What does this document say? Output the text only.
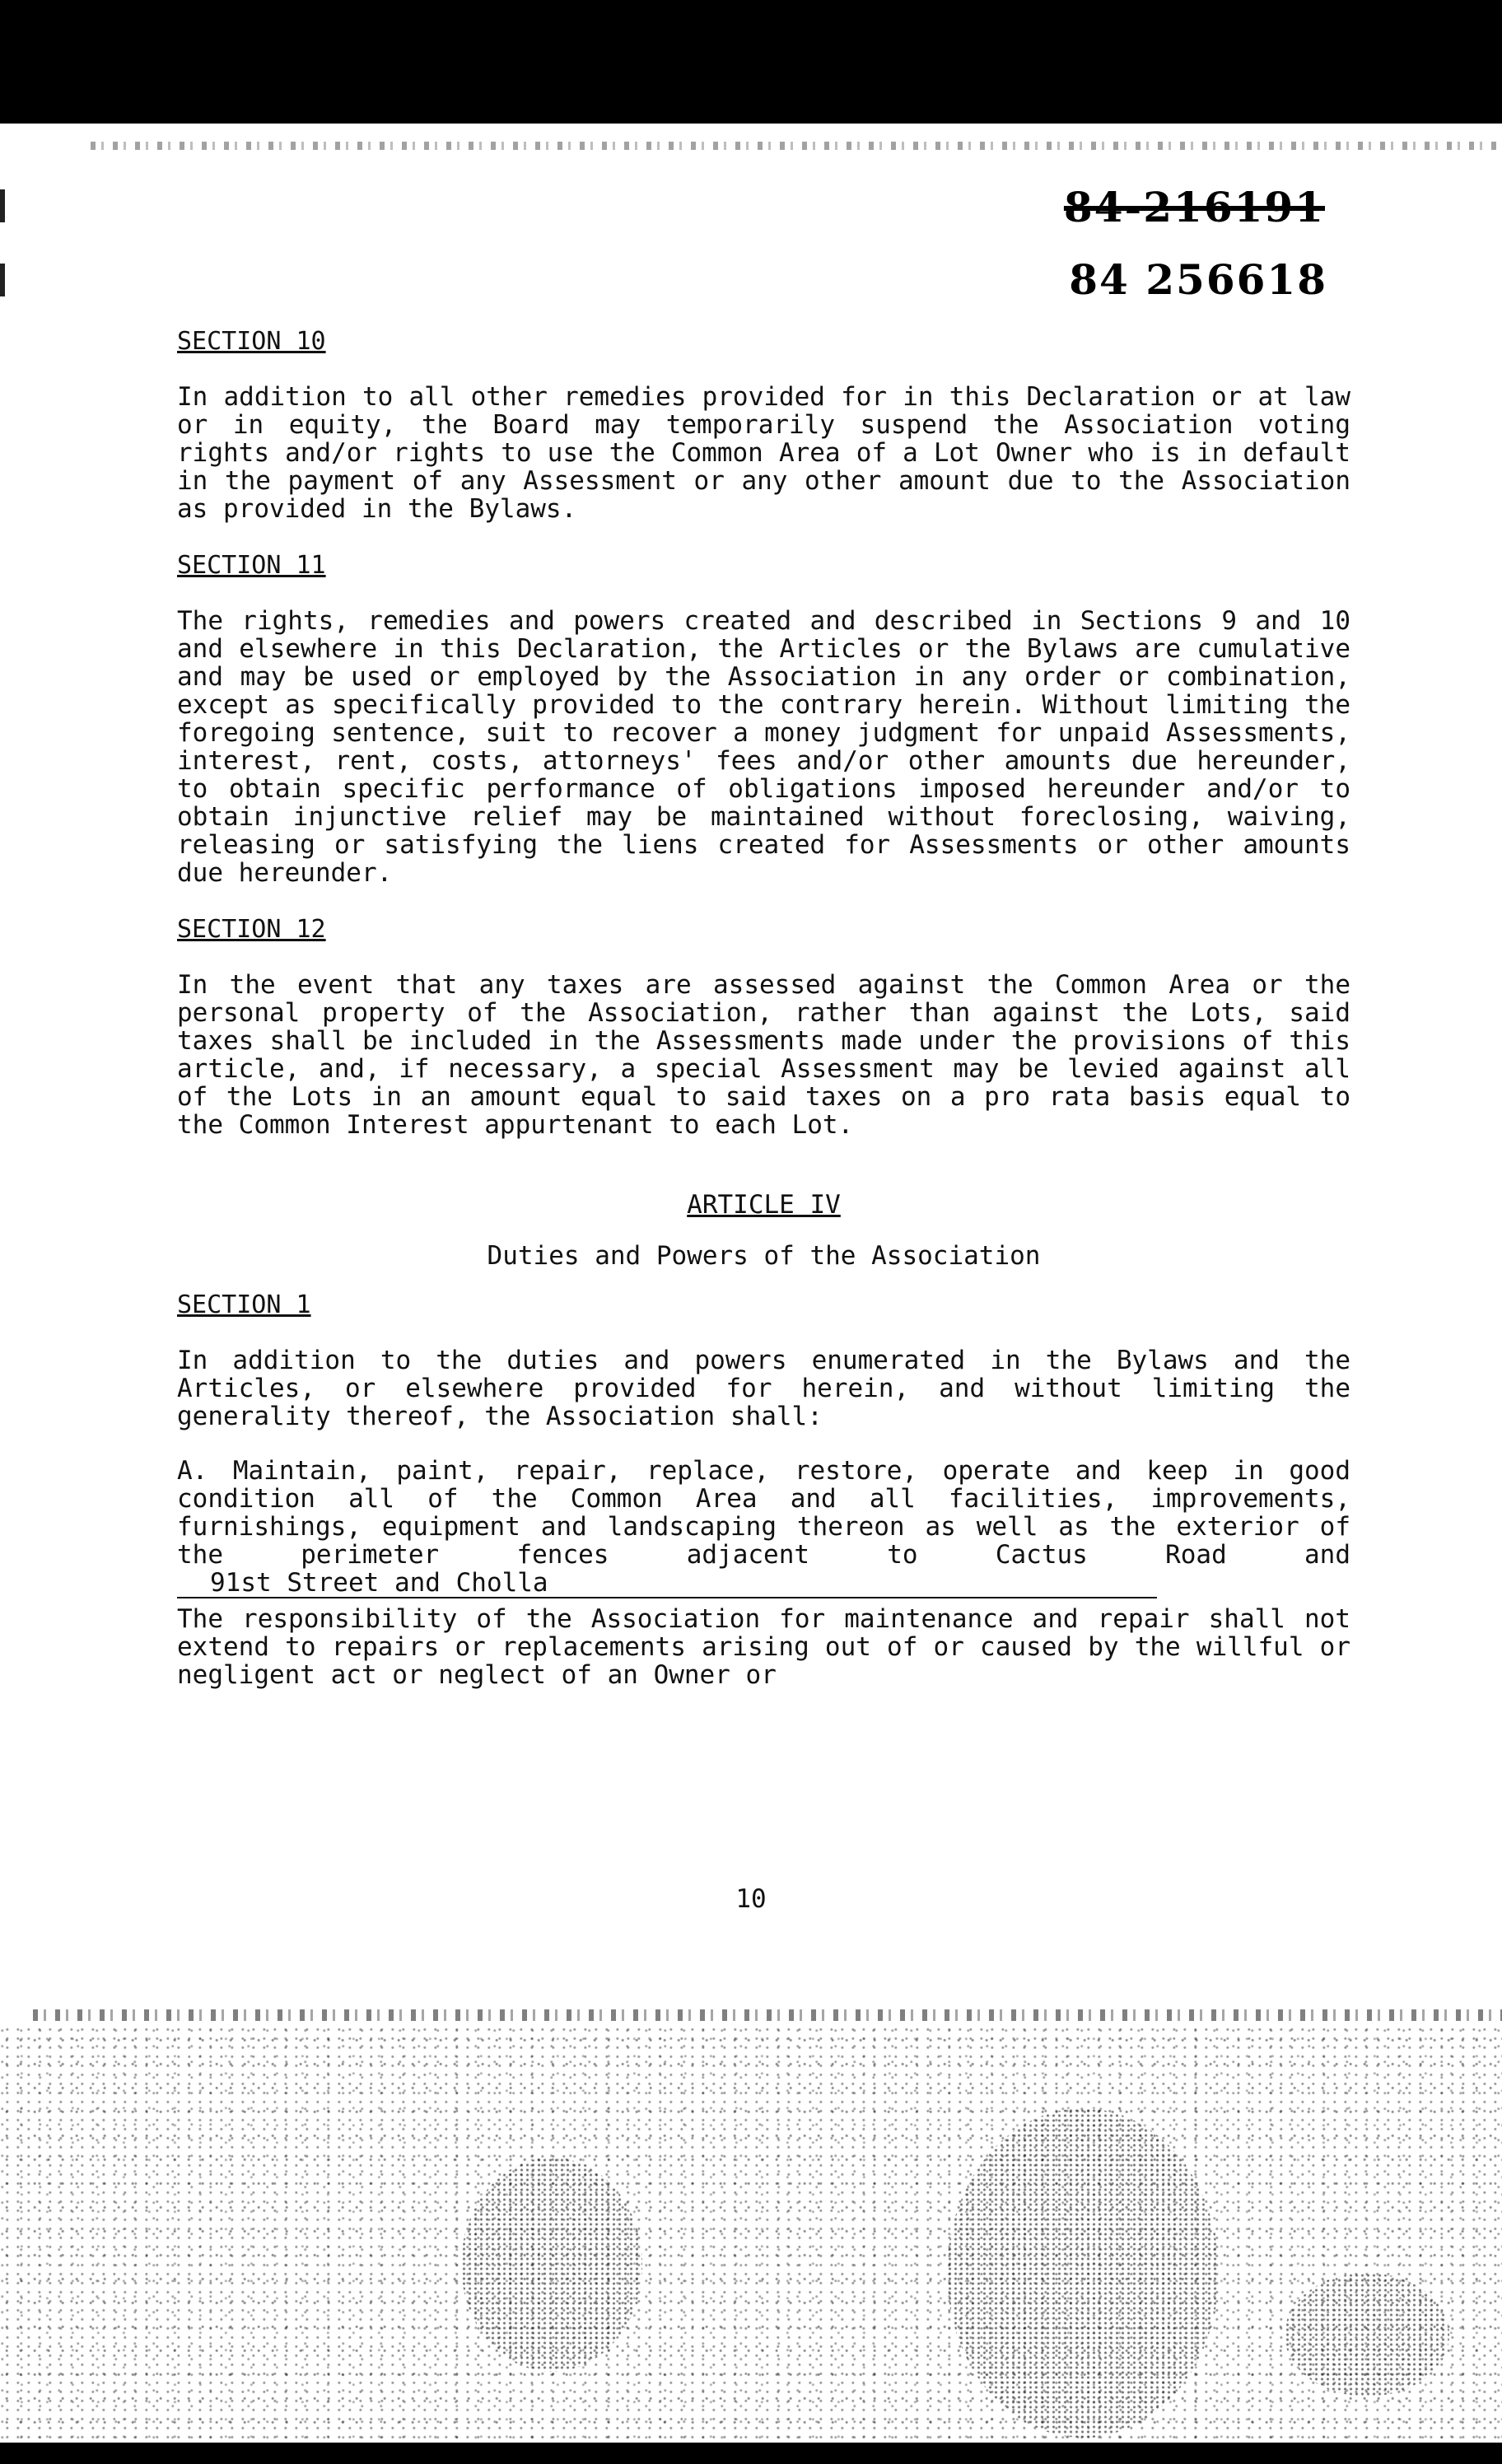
84-216191
84 256618
SECTION 10

In addition to all other remedies provided for in this Declaration or at law or in equity, the Board may temporarily suspend the Association voting rights and/or rights to use the Common Area of a Lot Owner who is in default in the payment of any Assessment or any other amount due to the Association as provided in the Bylaws.

SECTION 11

The rights, remedies and powers created and described in Sections 9 and 10 and elsewhere in this Declaration, the Articles or the Bylaws are cumulative and may be used or employed by the Association in any order or combination, except as specifically provided to the contrary herein. Without limiting the foregoing sentence, suit to recover a money judgment for unpaid Assessments, interest, rent, costs, attorneys' fees and/or other amounts due hereunder, to obtain specific performance of obligations imposed hereunder and/or to obtain injunctive relief may be maintained without foreclosing, waiving, releasing or satisfying the liens created for Assessments or other amounts due hereunder.

SECTION 12

In the event that any taxes are assessed against the Common Area or the personal property of the Association, rather than against the Lots, said taxes shall be included in the Assessments made under the provisions of this article, and, if necessary, a special Assessment may be levied against all of the Lots in an amount equal to said taxes on a pro rata basis equal to the Common Interest appurtenant to each Lot.

ARTICLE IV
Duties and Powers of the Association
SECTION 1

In addition to the duties and powers enumerated in the Bylaws and the Articles, or elsewhere provided for herein, and without limiting the generality thereof, the Association shall:

A. Maintain, paint, repair, replace, restore, operate and keep in good condition all of the Common Area and all facilities, improvements, furnishings, equipment and landscaping thereon as well as the exterior of the perimeter fences adjacent to Cactus Road and 91st Street and Cholla

The responsibility of the Association for maintenance and repair shall not extend to repairs or replacements arising out of or caused by the willful or negligent act or neglect of an Owner or

10
